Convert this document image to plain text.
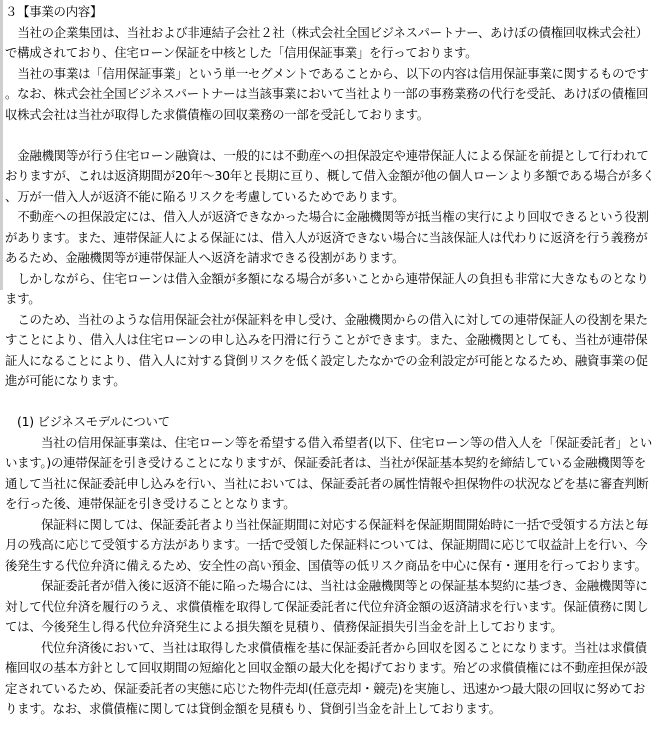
３【事業の内容】

当社の企業集団は、当社および非連結子会社２社（株式会社全国ビジネスパートナー、あけぼの債権回収株式会社）で構成されており、住宅ローン保証を中核とした「信用保証事業」を行っております。

当社の事業は「信用保証事業」という単一セグメントであることから、以下の内容は信用保証事業に関するものです。なお、株式会社全国ビジネスパートナーは当該事業において当社より一部の事務業務の代行を受託、あけぼの債権回収株式会社は当社が取得した求償債権の回収業務の一部を受託しております。

金融機関等が行う住宅ローン融資は、一般的には不動産への担保設定や連帯保証人による保証を前提として行われておりますが、これは返済期間が20年～30年と長期に亘り、概して借入金額が他の個人ローンより多額である場合が多く、万が一借入人が返済不能に陥るリスクを考慮しているためであります。

不動産への担保設定には、借入人が返済できなかった場合に金融機関等が抵当権の実行により回収できるという役割があります。また、連帯保証人による保証には、借入人が返済できない場合に当該保証人は代わりに返済を行う義務があるため、金融機関等が連帯保証人へ返済を請求できる役割があります。

しかしながら、住宅ローンは借入金額が多額になる場合が多いことから連帯保証人の負担も非常に大きなものとなります。

このため、当社のような信用保証会社が保証料を申し受け、金融機関からの借入に対しての連帯保証人の役割を果たすことにより、借入人は住宅ローンの申し込みを円滑に行うことができます。また、金融機関としても、当社が連帯保証人になることにより、借入人に対する貸倒リスクを低く設定したなかでの金利設定が可能となるため、融資事業の促進が可能になります。

(1) ビジネスモデルについて

当社の信用保証事業は、住宅ローン等を希望する借入希望者(以下、住宅ローン等の借入人を「保証委託者」といいます。)の連帯保証を引き受けることになりますが、保証委託者は、当社が保証基本契約を締結している金融機関等を通して当社に保証委託申し込みを行い、当社においては、保証委託者の属性情報や担保物件の状況などを基に審査判断を行った後、連帯保証を引き受けることとなります。

保証料に関しては、保証委託者より当社保証期間に対応する保証料を保証期間開始時に一括で受領する方法と毎月の残高に応じて受領する方法があります。一括で受領した保証料については、保証期間に応じて収益計上を行い、今後発生する代位弁済に備えるため、安全性の高い預金、国債等の低リスク商品を中心に保有・運用を行っております。

保証委託者が借入後に返済不能に陥った場合には、当社は金融機関等との保証基本契約に基づき、金融機関等に対して代位弁済を履行のうえ、求償債権を取得して保証委託者に代位弁済金額の返済請求を行います。保証債務に関しては、今後発生し得る代位弁済発生による損失額を見積り、債務保証損失引当金を計上しております。

代位弁済後において、当社は取得した求償債権を基に保証委託者から回収を図ることになります。当社は求償債権回収の基本方針として回収期間の短縮化と回収金額の最大化を掲げております。殆どの求償債権には不動産担保が設定されているため、保証委託者の実態に応じた物件売却(任意売却・競売)を実施し、迅速かつ最大限の回収に努めております。なお、求償債権に関しては貸倒金額を見積もり、貸倒引当金を計上しております。
